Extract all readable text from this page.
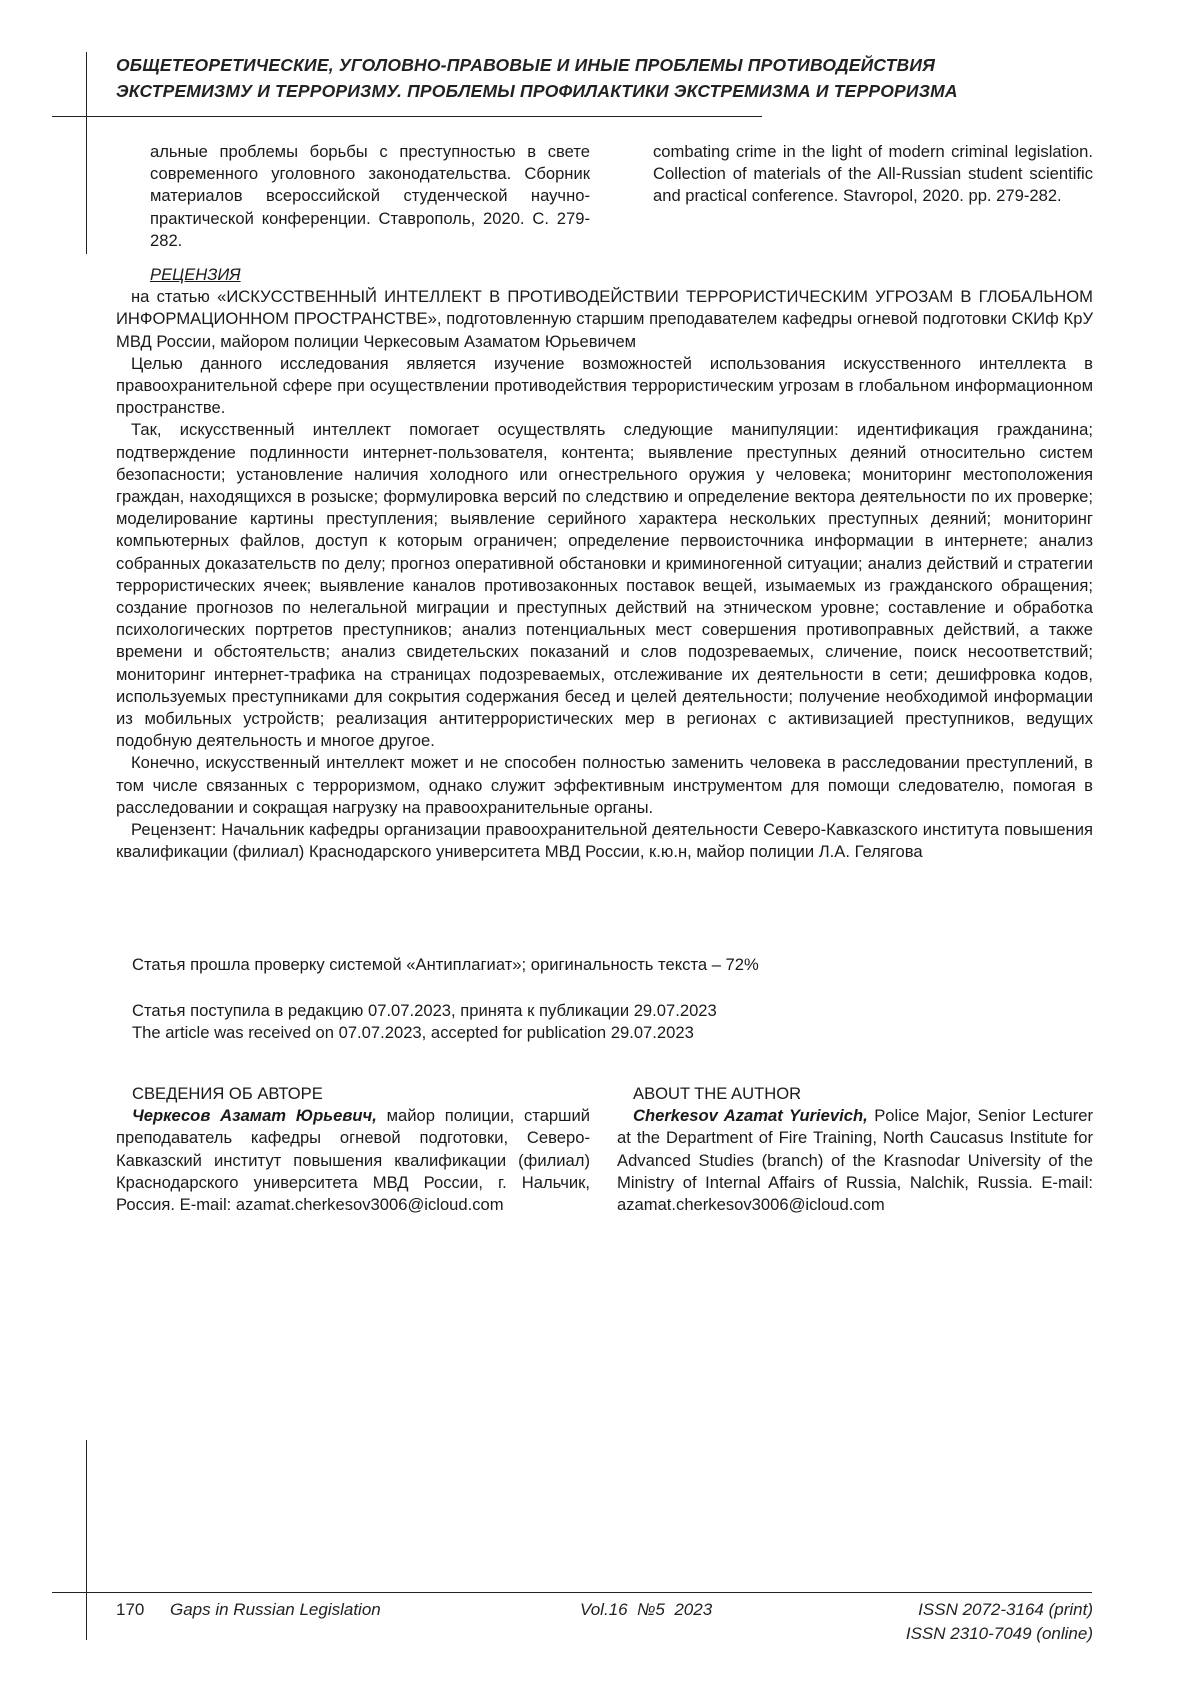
ОБЩЕТЕОРЕТИЧЕСКИЕ, УГОЛОВНО-ПРАВОВЫЕ И ИНЫЕ ПРОБЛЕМЫ ПРОТИВОДЕЙСТВИЯ
ЭКСТРЕМИЗМУ И ТЕРРОРИЗМУ. ПРОБЛЕМЫ ПРОФИЛАКТИКИ ЭКСТРЕМИЗМА И ТЕРРОРИЗМА
альные проблемы борьбы с преступностью в свете современного уголовного законодательства. Сборник материалов всероссийской студенческой научно-практической конференции. Ставрополь, 2020. С. 279-282.
combating crime in the light of modern criminal legislation. Collection of materials of the All-Russian student scientific and practical conference. Stavropol, 2020. pp. 279-282.

РЕЦЕНЗИЯ

на статью «ИСКУССТВЕННЫЙ ИНТЕЛЛЕКТ В ПРОТИВОДЕЙСТВИИ ТЕРРОРИСТИЧЕСКИМ УГРОЗАМ В ГЛОБАЛЬНОМ ИНФОРМАЦИОННОМ ПРОСТРАНСТВЕ», подготовленную старшим преподавателем кафедры огневой подготовки СКИф КрУ МВД России, майором полиции Черкесовым Азаматом Юрьевичем

Целью данного исследования является изучение возможностей использования искусственного интеллекта в правоохранительной сфере при осуществлении противодействия террористическим угрозам в глобальном информационном пространстве.

Так, искусственный интеллект помогает осуществлять следующие манипуляции: идентификация гражданина; подтверждение подлинности интернет-пользователя, контента; выявление преступных деяний относительно систем безопасности; установление наличия холодного или огнестрельного оружия у человека; мониторинг местоположения граждан, находящихся в розыске; формулировка версий по следствию и определение вектора деятельности по их проверке; моделирование картины преступления; выявление серийного характера нескольких преступных деяний; мониторинг компьютерных файлов, доступ к которым ограничен; определение первоисточника информации в интернете; анализ собранных доказательств по делу; прогноз оперативной обстановки и криминогенной ситуации; анализ действий и стратегии террористических ячеек; выявление каналов противозаконных поставок вещей, изымаемых из гражданского обращения; создание прогнозов по нелегальной миграции и преступных действий на этническом уровне; составление и обработка психологических портретов преступников; анализ потенциальных мест совершения противоправных действий, а также времени и обстоятельств; анализ свидетельских показаний и слов подозреваемых, сличение, поиск несоответствий; мониторинг интернет-трафика на страницах подозреваемых, отслеживание их деятельности в сети; дешифровка кодов, используемых преступниками для сокрытия содержания бесед и целей деятельности; получение необходимой информации из мобильных устройств; реализация антитеррористических мер в регионах с активизацией преступников, ведущих подобную деятельность и многое другое.

Конечно, искусственный интеллект может и не способен полностью заменить человека в расследовании преступлений, в том числе связанных с терроризмом, однако служит эффективным инструментом для помощи следователю, помогая в расследовании и сокращая нагрузку на правоохранительные органы.

Рецензент: Начальник кафедры организации правоохранительной деятельности Северо-Кавказского института повышения квалификации (филиал) Краснодарского университета МВД России, к.ю.н, майор полиции Л.А. Гелягова

Статья прошла проверку системой «Антиплагиат»; оригинальность текста – 72%

Статья поступила в редакцию 07.07.2023, принята к публикации 29.07.2023

The article was received on 07.07.2023, accepted for publication 29.07.2023

СВЕДЕНИЯ ОБ АВТОРЕ

Черкесов Азамат Юрьевич, майор полиции, старший преподаватель кафедры огневой подготовки, Северо-Кавказский институт повышения квалификации (филиал) Краснодарского университета МВД России, г. Нальчик, Россия. E-mail: azamat.cherkesov3006@icloud.com

ABOUT THE AUTHOR

Cherkesov Azamat Yurievich, Police Major, Senior Lecturer at the Department of Fire Training, North Caucasus Institute for Advanced Studies (branch) of the Krasnodar University of the Ministry of Internal Affairs of Russia, Nalchik, Russia. E-mail: azamat.cherkesov3006@icloud.com

170 Gaps in Russian Legislation	Vol.16  №5  2023	ISSN 2072-3164 (print)
ISSN 2310-7049 (online)
